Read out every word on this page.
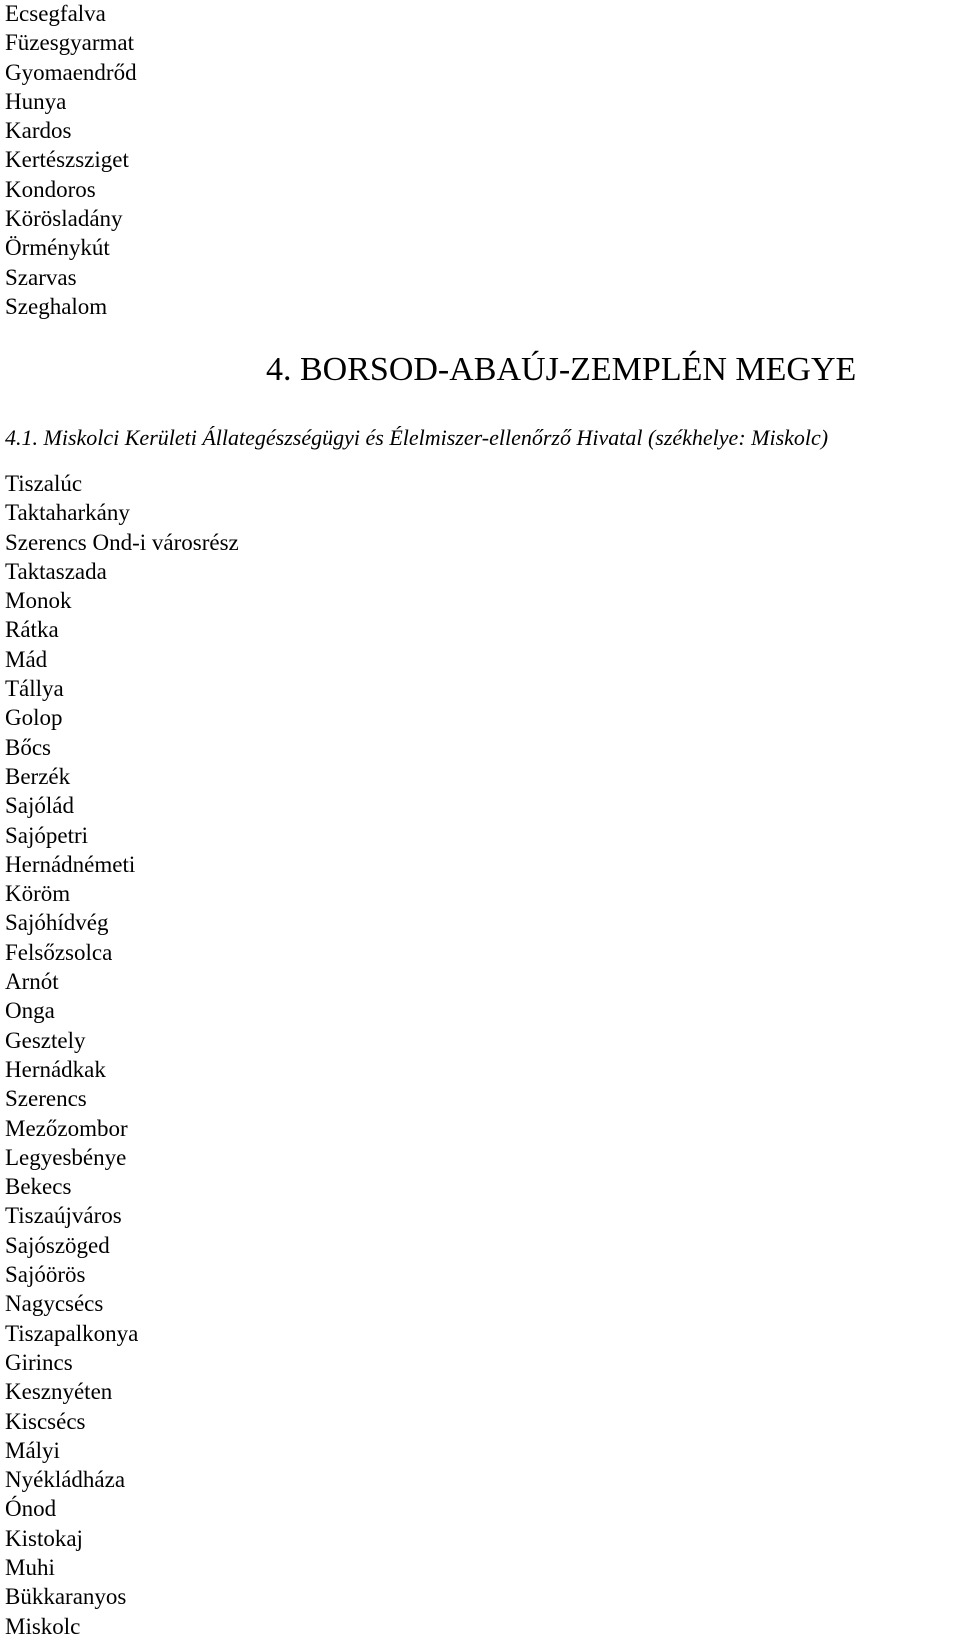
Ecsegfalva
Füzesgyarmat
Gyomaendrőd
Hunya
Kardos
Kertészsziget
Kondoros
Körösladány
Örménykút
Szarvas
Szeghalom
4. BORSOD-ABAÚJ-ZEMPLÉN MEGYE
4.1. Miskolci Kerületi Állategészségügyi és Élelmiszer-ellenőrző Hivatal (székhelye: Miskolc)
Tiszalúc
Taktaharkány
Szerencs Ond-i városrész
Taktaszada
Monok
Rátka
Mád
Tállya
Golop
Bőcs
Berzék
Sajólád
Sajópetri
Hernádnémeti
Köröm
Sajóhídvég
Felsőzsolca
Arnót
Onga
Gesztely
Hernádkak
Szerencs
Mezőzombor
Legyesbénye
Bekecs
Tiszaújváros
Sajószöged
Sajóörös
Nagycsécs
Tiszapalkonya
Girincs
Kesznyéten
Kiscsécs
Mályi
Nyékládháza
Ónod
Kistokaj
Muhi
Bükkaranyos
Miskolc
